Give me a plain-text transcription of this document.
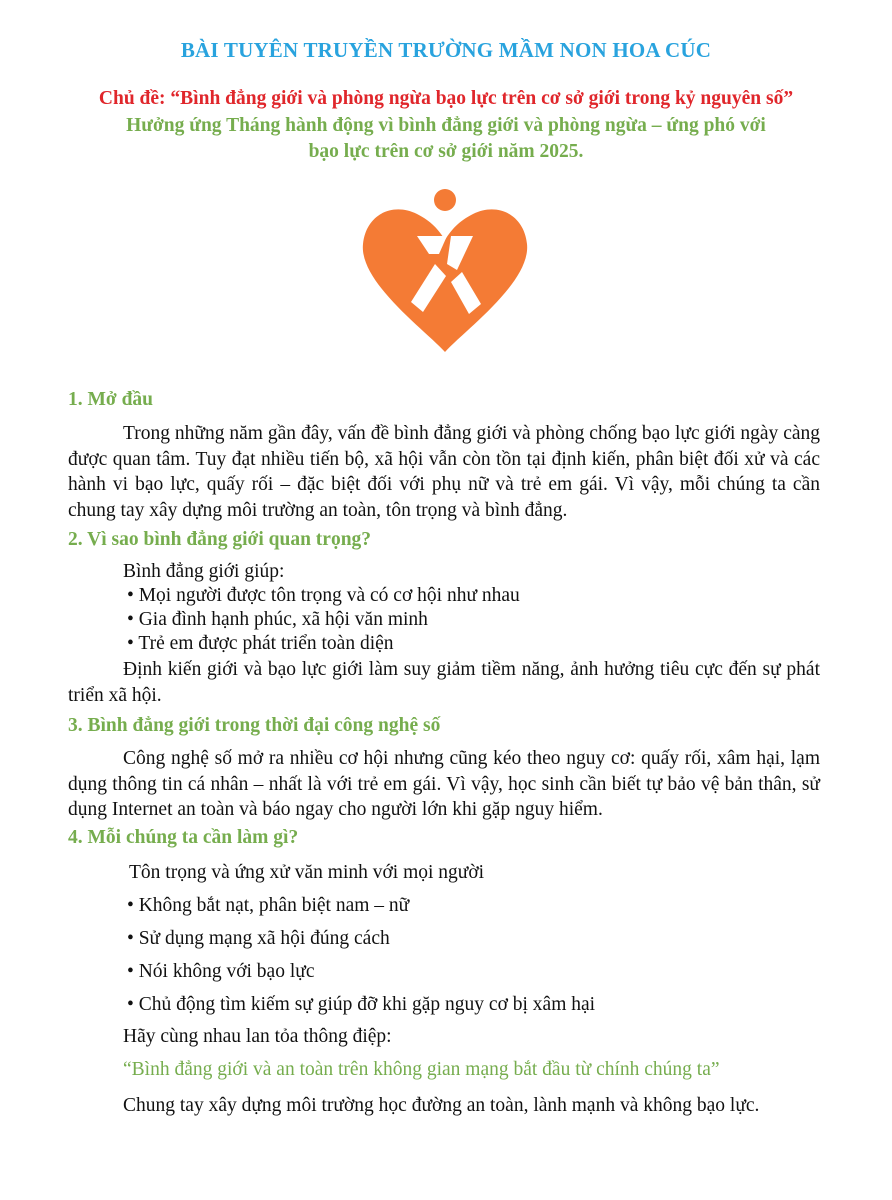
BÀI TUYÊN TRUYỀN TRƯỜNG MẦM NON HOA CÚC
Chủ đề: “Bình đẳng giới và phòng ngừa bạo lực trên cơ sở giới trong kỷ nguyên số”
Hưởng ứng Tháng hành động vì bình đẳng giới và phòng ngừa – ứng phó với bạo lực trên cơ sở giới năm 2025.
1. Mở đầu
Trong những năm gần đây, vấn đề bình đẳng giới và phòng chống bạo lực giới ngày càng được quan tâm. Tuy đạt nhiều tiến bộ, xã hội vẫn còn tồn tại định kiến, phân biệt đối xử và các hành vi bạo lực, quấy rối – đặc biệt đối với phụ nữ và trẻ em gái. Vì vậy, mỗi chúng ta cần chung tay xây dựng môi trường an toàn, tôn trọng và bình đẳng.
2. Vì sao bình đẳng giới quan trọng?
Bình đẳng giới giúp:
• Mọi người được tôn trọng và có cơ hội như nhau
• Gia đình hạnh phúc, xã hội văn minh
• Trẻ em được phát triển toàn diện
Định kiến giới và bạo lực giới làm suy giảm tiềm năng, ảnh hưởng tiêu cực đến sự phát triển xã hội.
3. Bình đẳng giới trong thời đại công nghệ số
Công nghệ số mở ra nhiều cơ hội nhưng cũng kéo theo nguy cơ: quấy rối, xâm hại, lạm dụng thông tin cá nhân – nhất là với trẻ em gái. Vì vậy, học sinh cần biết tự bảo vệ bản thân, sử dụng Internet an toàn và báo ngay cho người lớn khi gặp nguy hiểm.
4. Mỗi chúng ta cần làm gì?
Tôn trọng và ứng xử văn minh với mọi người
• Không bắt nạt, phân biệt nam – nữ
• Sử dụng mạng xã hội đúng cách
• Nói không với bạo lực
• Chủ động tìm kiếm sự giúp đỡ khi gặp nguy cơ bị xâm hại
Hãy cùng nhau lan tỏa thông điệp:
“Bình đẳng giới và an toàn trên không gian mạng bắt đầu từ chính chúng ta”
Chung tay xây dựng môi trường học đường an toàn, lành mạnh và không bạo lực.
